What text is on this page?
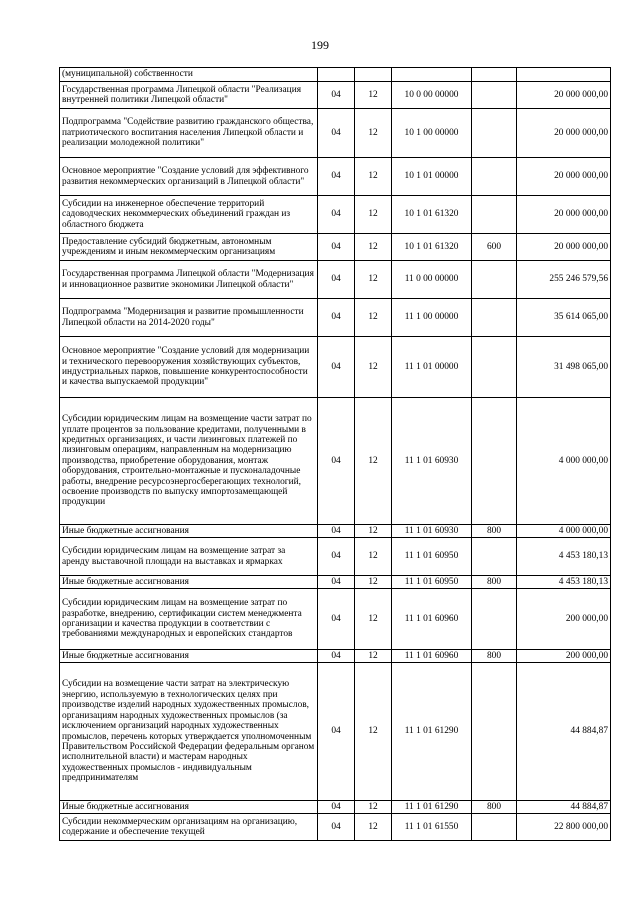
199
(муниципальной) собственности					
Государственная программа Липецкой области "Реализация внутренней политики Липецкой области"	04	12	10 0 00 00000		20 000 000,00
Подпрограмма "Содействие развитию гражданского общества, патриотического воспитания населения Липецкой области и реализации молодежной политики"	04	12	10 1 00 00000		20 000 000,00
Основное мероприятие "Создание условий для эффективного развития некоммерческих организаций в Липецкой области"	04	12	10 1 01 00000		20 000 000,00
Субсидии на инженерное обеспечение территорий садоводческих некоммерческих объединений граждан из областного бюджета	04	12	10 1 01 61320		20 000 000,00
Предоставление субсидий бюджетным, автономным учреждениям и иным некоммерческим организациям	04	12	10 1 01 61320	600	20 000 000,00
Государственная программа Липецкой области "Модернизация и инновационное развитие экономики Липецкой области"	04	12	11 0 00 00000		255 246 579,56
Подпрограмма "Модернизация и развитие промышленности Липецкой области на 2014-2020 годы"	04	12	11 1 00 00000		35 614 065,00
Основное мероприятие "Создание условий для модернизации и технического перевооружения хозяйствующих субъектов, индустриальных парков, повышение конкурентоспособности и качества выпускаемой продукции"	04	12	11 1 01 00000		31 498 065,00
Субсидии юридическим лицам на возмещение части затрат по уплате процентов за пользование кредитами, полученными в кредитных организациях, и части лизинговых платежей по лизинговым операциям, направленным на модернизацию производства, приобретение оборудования, монтаж оборудования, строительно-монтажные и пусконаладочные работы, внедрение ресурсоэнергосберегающих технологий, освоение производств по выпуску импортозамещающей продукции	04	12	11 1 01 60930		4 000 000,00
Иные бюджетные ассигнования	04	12	11 1 01 60930	800	4 000 000,00
Субсидии юридическим лицам на возмещение затрат за аренду выставочной площади на выставках и ярмарках	04	12	11 1 01 60950		4 453 180,13
Иные бюджетные ассигнования	04	12	11 1 01 60950	800	4 453 180,13
Субсидии юридическим лицам на возмещение затрат по разработке, внедрению, сертификации систем менеджмента организации и качества продукции в соответствии с требованиями международных и европейских стандартов	04	12	11 1 01 60960		200 000,00
Иные бюджетные ассигнования	04	12	11 1 01 60960	800	200 000,00
Субсидии на возмещение части затрат на электрическую энергию, используемую в технологических целях при производстве изделий народных художественных промыслов, организациям народных художественных промыслов (за исключением организаций народных художественных промыслов, перечень которых утверждается уполномоченным Правительством Российской Федерации федеральным органом исполнительной власти) и мастерам народных художественных промыслов - индивидуальным предпринимателям	04	12	11 1 01 61290		44 884,87
Иные бюджетные ассигнования	04	12	11 1 01 61290	800	44 884,87
Субсидии некоммерческим организациям на организацию, содержание и обеспечение текущей	04	12	11 1 01 61550		22 800 000,00
